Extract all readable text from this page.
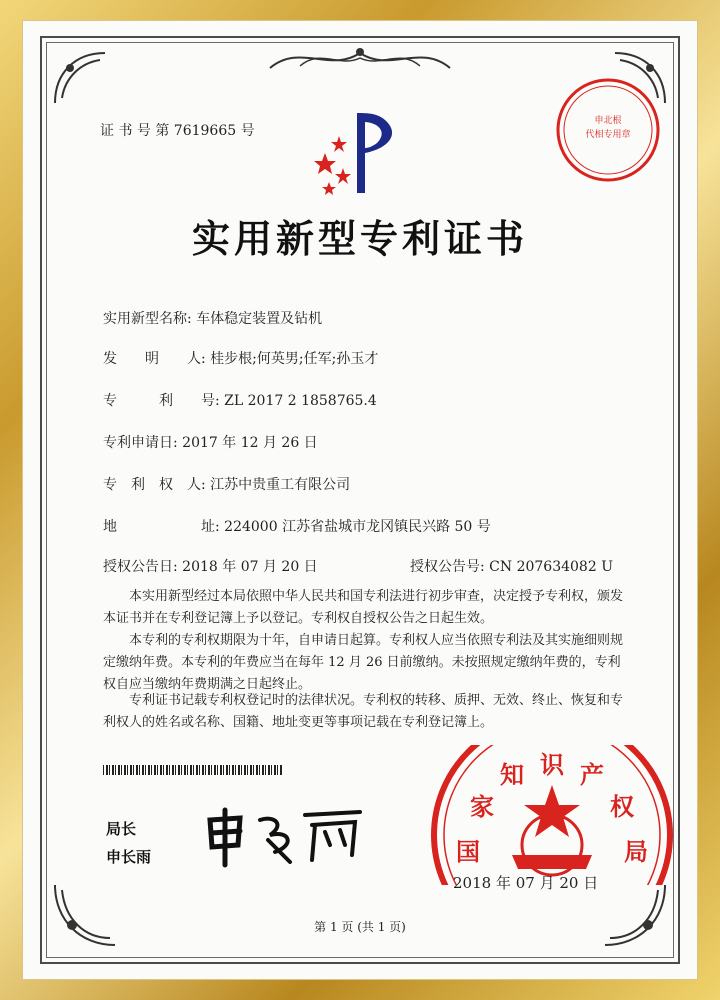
证 书 号 第 7619665 号
申北根
代相专用章
实用新型专利证书
实用新型名称: 车体稳定装置及钻机
发　　明　　人: 桂步根;何英男;任军;孙玉才
专　　　利　　号: ZL 2017 2 1858765.4
专利申请日: 2017 年 12 月 26 日
专　利　权　人: 江苏中贵重工有限公司
地　　　　　　址: 224000 江苏省盐城市龙冈镇民兴路 50 号
授权公告日: 2018 年 07 月 20 日	授权公告号: CN 207634082 U
本实用新型经过本局依照中华人民共和国专利法进行初步审查，决定授予专利权，颁发本证书并在专利登记簿上予以登记。专利权自授权公告之日起生效。
本专利的专利权期限为十年，自申请日起算。专利权人应当依照专利法及其实施细则规定缴纳年费。本专利的年费应当在每年 12 月 26 日前缴纳。未按照规定缴纳年费的，专利权自应当缴纳年费期满之日起终止。
专利证书记载专利权登记时的法律状况。专利权的转移、质押、无效、终止、恢复和专利权人的姓名或名称、国籍、地址变更等事项记载在专利登记簿上。
局长
申长雨	国
家
知 识 产
权
局
2018 年 07 月 20 日
第 1 页 (共 1 页)
